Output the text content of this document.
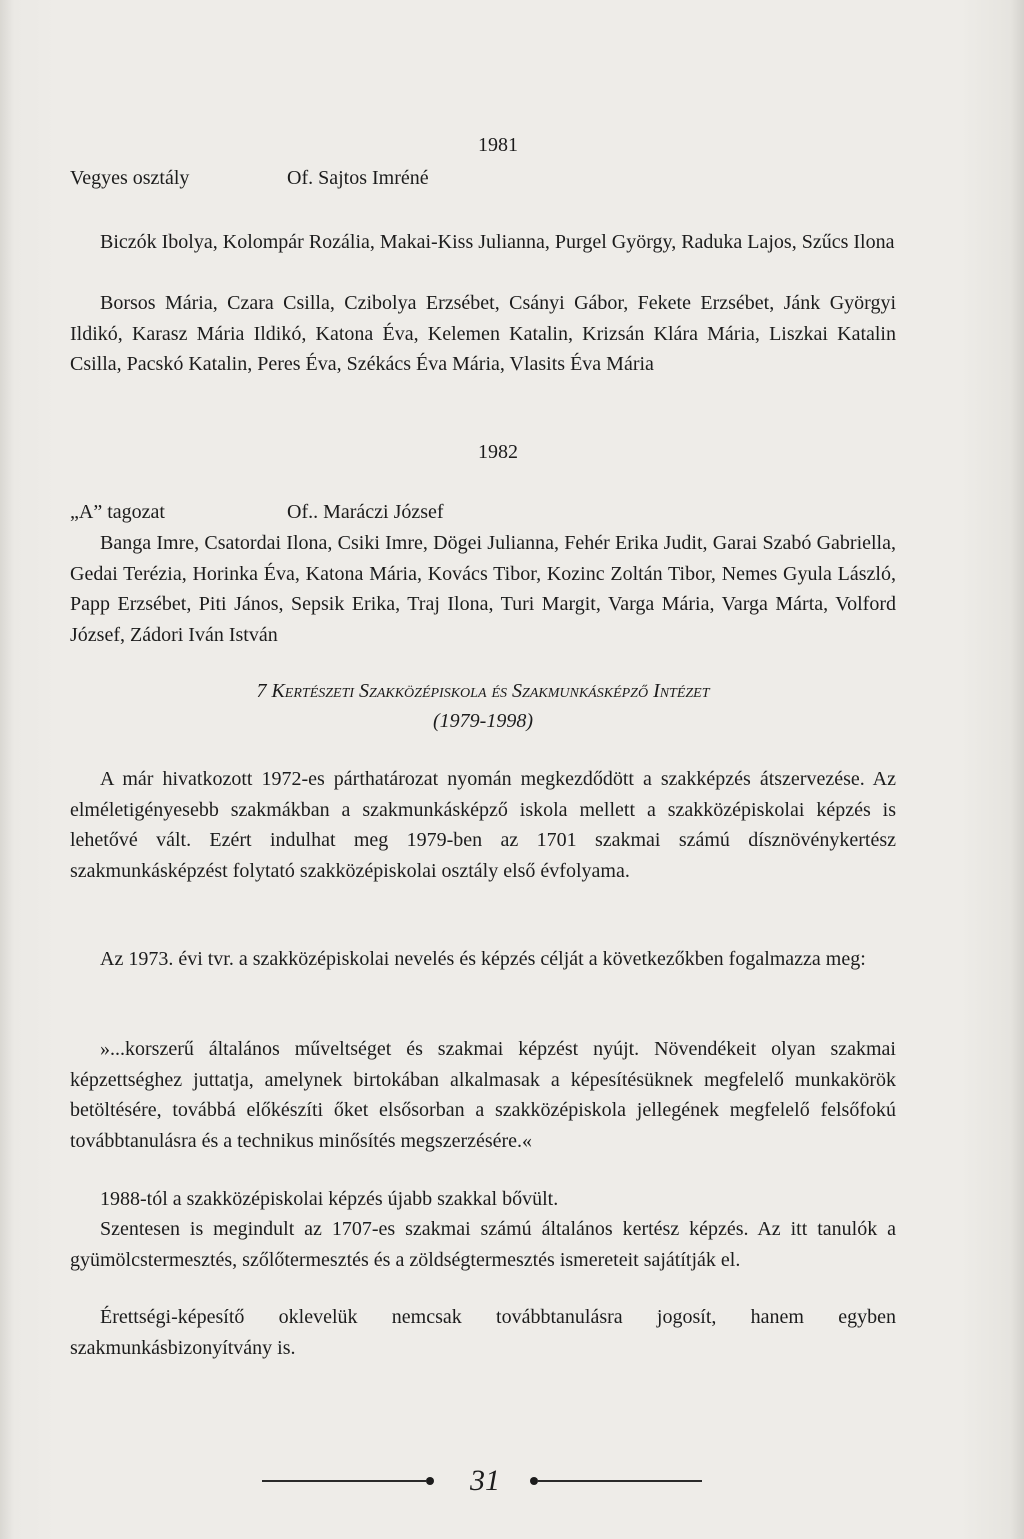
1981
Vegyes osztály	Of. Sajtos Imréné
Biczók Ibolya, Kolompár Rozália, Makai-Kiss Julianna, Purgel György, Raduka Lajos, Szűcs Ilona
Borsos Mária, Czara Csilla, Czibolya Erzsébet, Csányi Gábor, Fekete Erzsébet, Jánk Györgyi Ildikó, Karasz Mária Ildikó, Katona Éva, Kelemen Katalin, Krizsán Klára Mária, Liszkai Katalin Csilla, Pacskó Katalin, Peres Éva, Székács Éva Mária, Vlasits Éva Mária
1982
„A” tagozat	Of.. Maráczi József
Banga Imre, Csatordai Ilona, Csiki Imre, Dögei Julianna, Fehér Erika Judit, Garai Szabó Gabriella, Gedai Terézia, Horinka Éva, Katona Mária, Kovács Tibor, Kozinc Zoltán Tibor, Nemes Gyula László, Papp Erzsébet, Piti János, Sepsik Erika, Traj Ilona, Turi Margit, Varga Mária, Varga Márta, Volford József, Zádori Iván István
7 Kertészeti Szakközépiskola és Szakmunkásképző Intézet
(1979-1998)
A már hivatkozott 1972-es párthatározat nyomán megkezdődött a szakképzés átszervezése. Az elméletigényesebb szakmákban a szakmunkásképző iskola mellett a szakközépiskolai képzés is lehetővé vált. Ezért indulhat meg 1979-ben az 1701 szakmai számú dísznövénykertész szakmunkásképzést folytató szakközépiskolai osztály első évfolyama.
Az 1973. évi tvr. a szakközépiskolai nevelés és képzés célját a következőkben fogalmazza meg:
»...korszerű általános műveltséget és szakmai képzést nyújt. Növendékeit olyan szakmai képzettséghez juttatja, amelynek birtokában alkalmasak a képesítésüknek megfelelő munkakörök betöltésére, továbbá előkészíti őket elsősorban a szakközépiskola jellegének megfelelő felsőfokú továbbtanulásra és a technikus minősítés megszerzésére.«
1988-tól a szakközépiskolai képzés újabb szakkal bővült.
Szentesen is megindult az 1707-es szakmai számú általános kertész képzés. Az itt tanulók a gyümölcstermesztés, szőlőtermesztés és a zöldségtermesztés ismereteit sajátítják el.
Érettségi-képesítő oklevelük nemcsak továbbtanulásra jogosít, hanem egyben szakmunkásbizonyítvány is.
31
